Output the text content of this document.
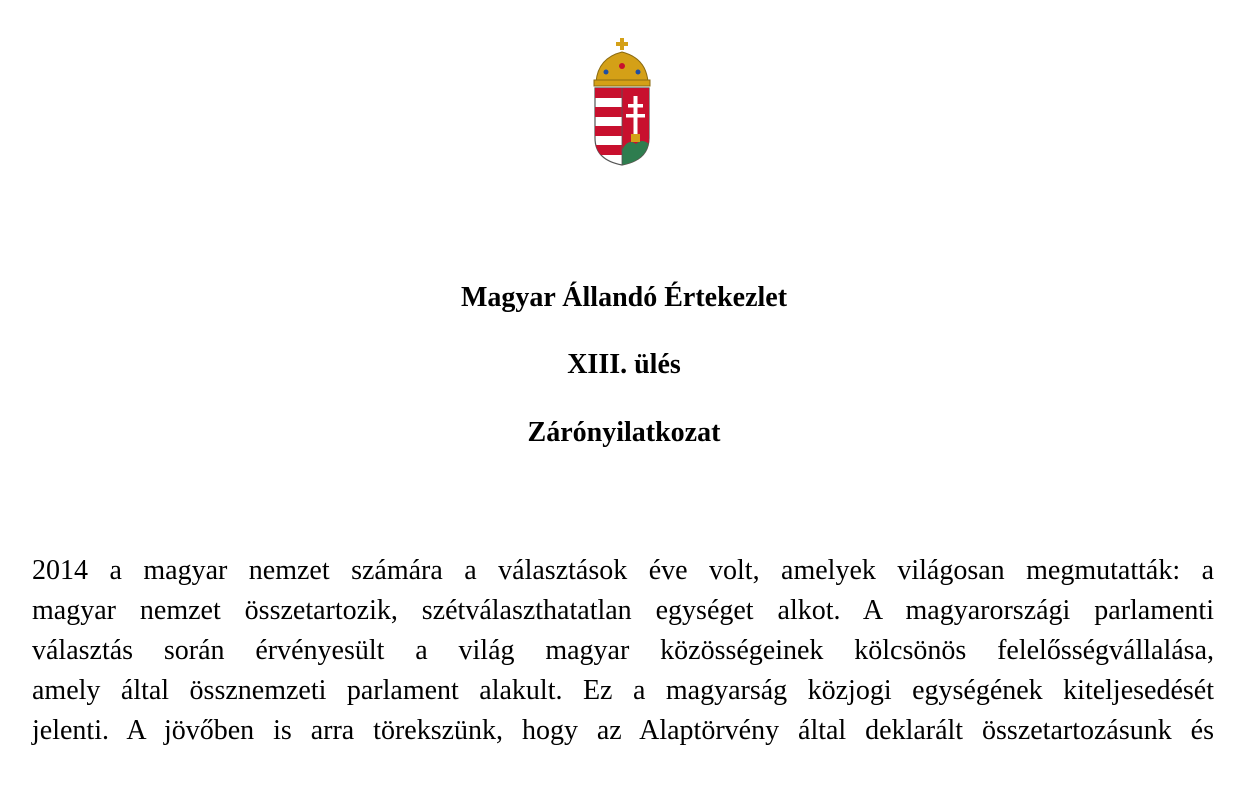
Magyar Állandó Értekezlet
XIII. ülés
Zárónyilatkozat
2014 a magyar nemzet számára a választások éve volt, amelyek világosan megmutatták: a
magyar nemzet összetartozik, szétválaszthatatlan egységet alkot. A magyarországi parlamenti
választás során érvényesült a világ magyar közösségeinek kölcsönös felelősségvállalása,
amely által össznemzeti parlament alakult. Ez a magyarság közjogi egységének kiteljesedését
jelenti. A jövőben is arra törekszünk, hogy az Alaptörvény által deklarált összetartozásunk és
